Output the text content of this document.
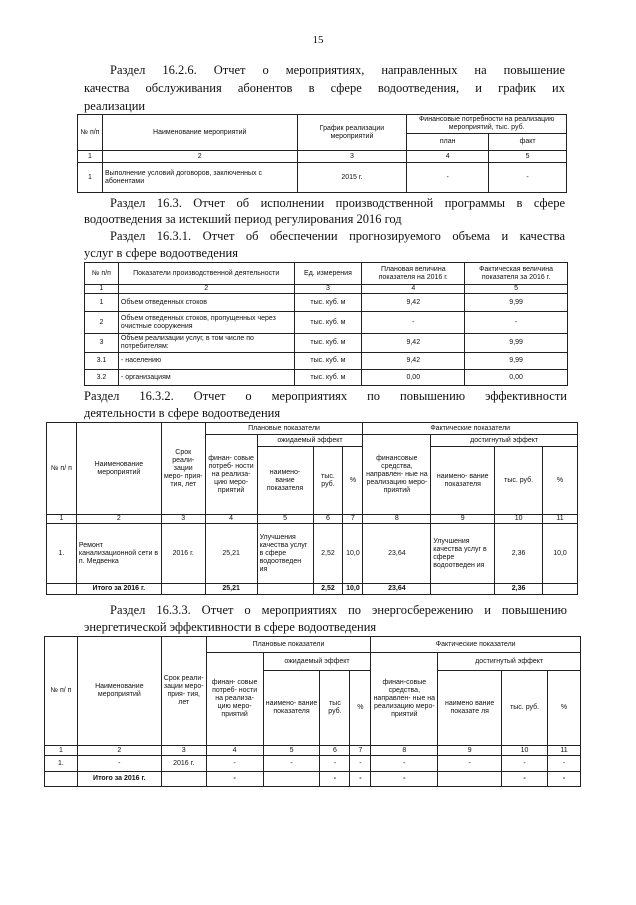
15
Раздел 16.2.6. Отчет о мероприятиях, направленных на повышение
качества обслуживания абонентов в сфере водоотведения, и график их
реализации
№ п/п	Наименование мероприятий	График реализации мероприятий	Финансовые потребности на реализацию мероприятий, тыс. руб.	
			план	факт
1	2	3	4	5
1	Выполнение условий договоров, заключенных с абонентами	2015 г.	-	-
Раздел 16.3. Отчет об исполнении производственной программы в сфере
водоотведения за истекший период регулирования 2016 год
Раздел 16.3.1. Отчет об обеспечении прогнозируемого объема и качества
услуг в сфере водоотведения
№ п/п	Показатели производственной деятельности	Ед. измерения	Плановая величина показателя на 2016 г.	Фактическая величина показателя за 2016 г.
1	2	3	4	5
1	Объем отведенных стоков	тыс. куб. м	9,42	9,99
2	Объем отведенных стоков, пропущенных через очистные сооружения	тыс. куб. м	-	-
3	Объем реализации услуг, в том числе по потребителям:	тыс. куб. м	9,42	9,99
3.1	- населению	тыс. куб. м	9,42	9,99
3.2	- организациям	тыс. куб. м	0,00	0,00
Раздел 16.3.2. Отчет о мероприятиях по повышению эффективности
деятельности в сфере водоотведения
№ п/ п	Наименование мероприятий	Срок реали- зации меро- прия- тия, лет	Плановые показатели				Фактические показатели			
			финан- совые потреб- ности на реализа- цию меро- приятий	ожидаемый эффект			финансовые средства, направлен- ные на реализацию меро- приятий	достигнутый эффект		
				наимено- вание показателя	тыс. руб.	%		наимено- вание показателя	тыс. руб.	%
1	2	3	4	5	6	7	8	9	10	11
1.	Ремонт канализационной сети в п. Медвенка	2016 г.	25,21	Улучшения качества услуг в сфере водоотведен ия	2,52	10,0	23,64	Улучшения качества услуг в сфере водоотведен ия	2,36	10,0
	Итого за 2016 г.		25,21		2,52	10,0	23,64		2,36	
Раздел 16.3.3. Отчет о мероприятиях по энергосбережению и повышению
энергетической эффективности в сфере водоотведения
№ п/ п	Наименование мероприятий	Срок реали- зации меро- прия- тия, лет	Плановые показатели				Фактические показатели			
			финан- совые потреб- ности на реализа- цию меро- приятий	ожидаемый эффект			финан-совые средства, направлен- ные на реализацию меро- приятий	достигнутый эффект		
				наимено- вание показателя	тыс руб.	%		наимено вание показате ля	тыс. руб.	%
1	2	3	4	5	6	7	8	9	10	11
1.	-	2016 г.	-	-	-	-	-	-	-	-
	Итого за 2016 г.		-		-	-	-		-	-
